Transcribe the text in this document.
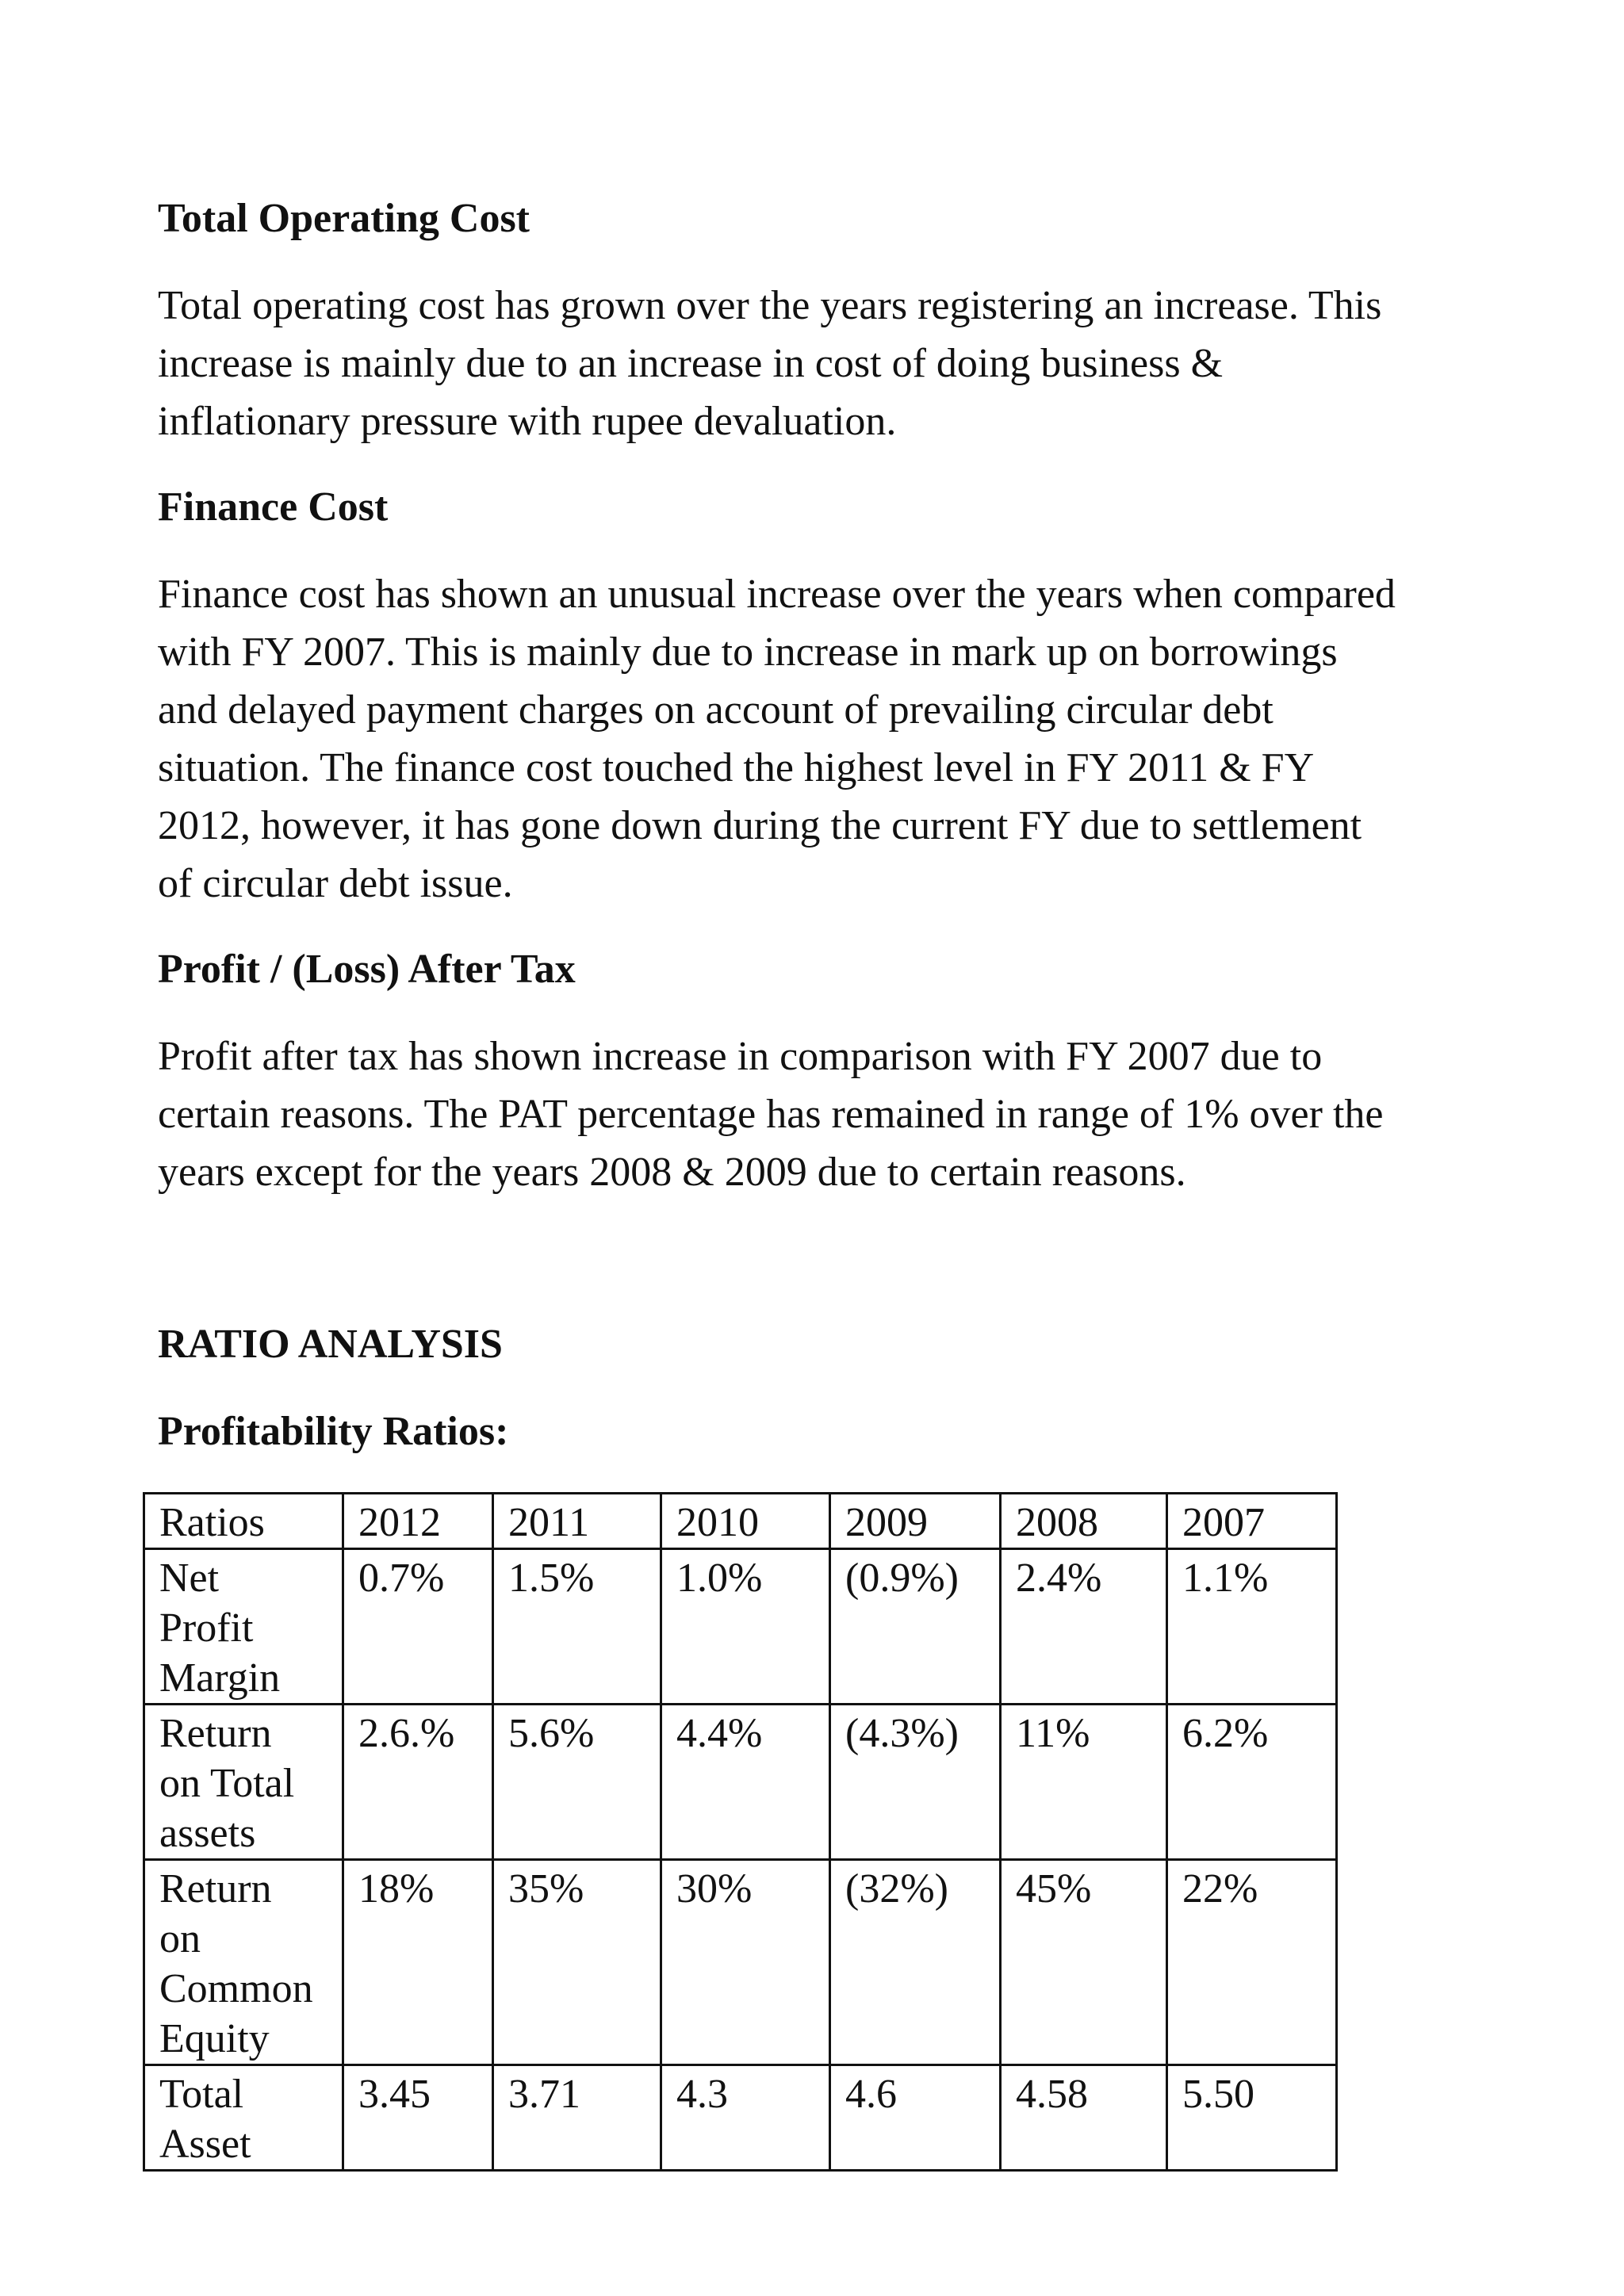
Total Operating Cost

Total operating cost has grown over the years registering an increase. This
increase is mainly due to an increase in cost of doing business &
inflationary pressure with rupee devaluation.

Finance Cost

Finance cost has shown an unusual increase over the years when compared
with FY 2007. This is mainly due to increase in mark up on borrowings
and delayed payment charges on account of prevailing circular debt
situation. The finance cost touched the highest level in FY 2011 & FY
2012, however, it has gone down during the current FY due to settlement
of circular debt issue.

Profit / (Loss) After Tax

Profit after tax has shown increase in comparison with FY 2007 due to
certain reasons. The PAT percentage has remained in range of 1% over the
years except for the years 2008 & 2009 due to certain reasons.

RATIO ANALYSIS
Profitability Ratios:
Ratios	2012	2011	2010	2009	2008	2007

Net
Profit
Margin	0.7%	1.5%	1.0%	(0.9%)	2.4%	1.1%

Return
on Total
assets	2.6.%	5.6%	4.4%	(4.3%)	11%	6.2%

Return
on
Common
Equity	18%	35%	30%	(32%)	45%	22%

Total
Asset	3.45	3.71	4.3	4.6	4.58	5.50
